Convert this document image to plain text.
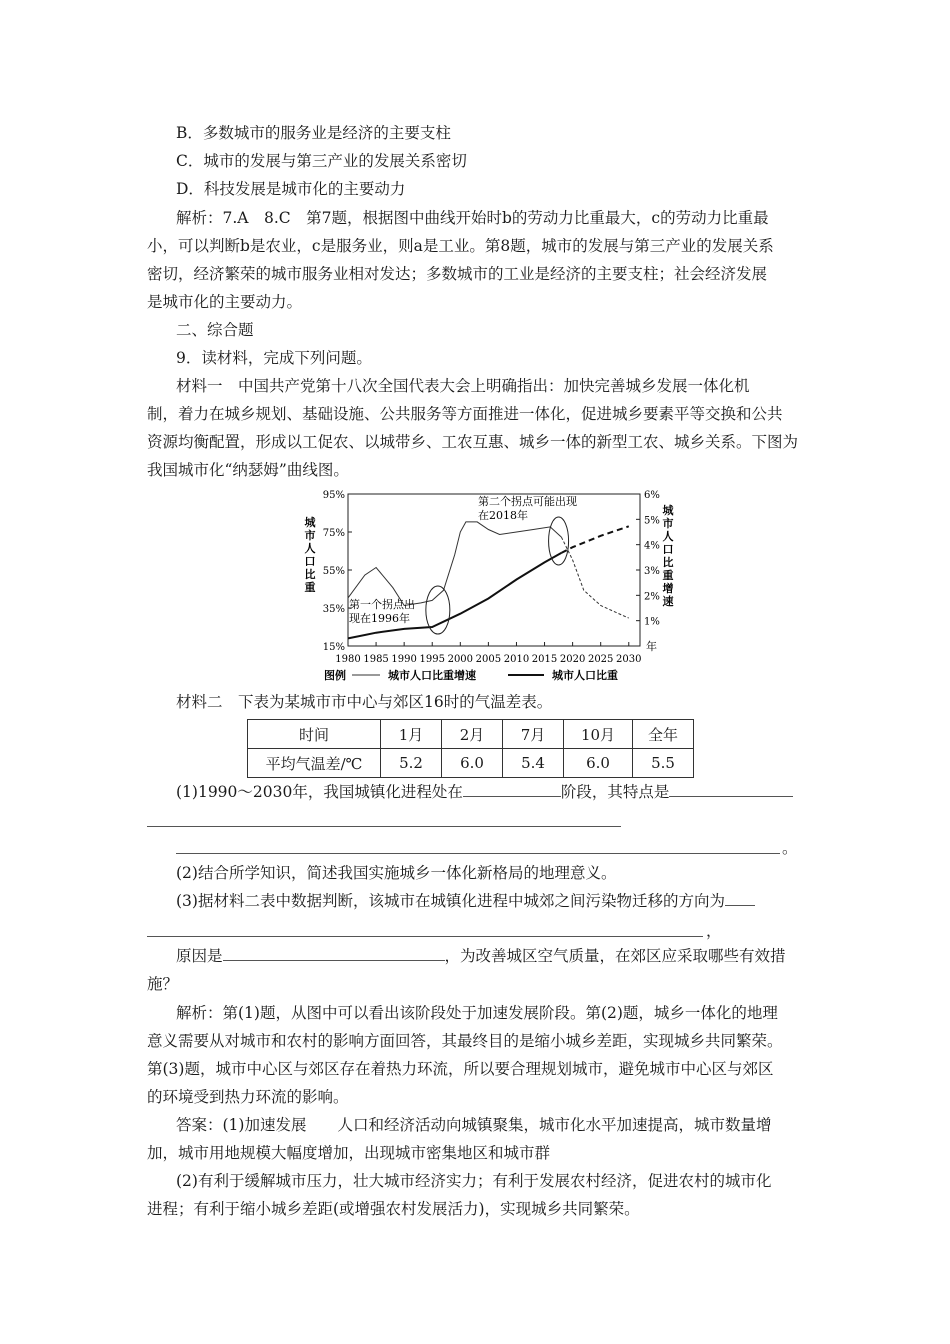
B．多数城市的服务业是经济的主要支柱
C．城市的发展与第三产业的发展关系密切
D．科技发展是城市化的主要动力
解析：7.A　8.C　第7题，根据图中曲线开始时b的劳动力比重最大，c的劳动力比重最
小，可以判断b是农业，c是服务业，则a是工业。第8题，城市的发展与第三产业的发展关系
密切，经济繁荣的城市服务业相对发达；多数城市的工业是经济的主要支柱；社会经济发展
是城市化的主要动力。
二、综合题
9．读材料，完成下列问题。
材料一　中国共产党第十八次全国代表大会上明确指出：加快完善城乡发展一体化机
制，着力在城乡规划、基础设施、公共服务等方面推进一体化，促进城乡要素平等交换和公共
资源均衡配置，形成以工促农、以城带乡、工农互惠、城乡一体的新型工农、城乡关系。下图为
我国城市化“纳瑟姆”曲线图。
95%
75%
55%
35%
15%
6%
5%
4%
3%
2%
1%
1980 1985 1990 1995 2000 2005 2010 2015 2020 2025 2030
年
城市人口比重
城市人口比重增速
第一个拐点出
现在1996年
第二个拐点可能出现
在2018年
图例	城市人口比重增速	城市人口比重
材料二　下表为某城市市中心与郊区16时的气温差表。
时间	1月	2月	7月	10月	全年
平均气温差/℃	5.2	6.0	5.4	6.0	5.5
(1)1990～2030年，我国城镇化进程处在	阶段，其特点是
。
(2)结合所学知识，简述我国实施城乡一体化新格局的地理意义。
(3)据材料二表中数据判断，该城市在城镇化进程中城郊之间污染物迁移的方向为
，
原因是	，为改善城区空气质量，在郊区应采取哪些有效措
施？
解析：第(1)题，从图中可以看出该阶段处于加速发展阶段。第(2)题，城乡一体化的地理
意义需要从对城市和农村的影响方面回答，其最终目的是缩小城乡差距，实现城乡共同繁荣。
第(3)题，城市中心区与郊区存在着热力环流，所以要合理规划城市，避免城市中心区与郊区
的环境受到热力环流的影响。
答案：(1)加速发展　　人口和经济活动向城镇聚集，城市化水平加速提高，城市数量增
加，城市用地规模大幅度增加，出现城市密集地区和城市群
(2)有利于缓解城市压力，壮大城市经济实力；有利于发展农村经济，促进农村的城市化
进程；有利于缩小城乡差距(或增强农村发展活力)，实现城乡共同繁荣。
